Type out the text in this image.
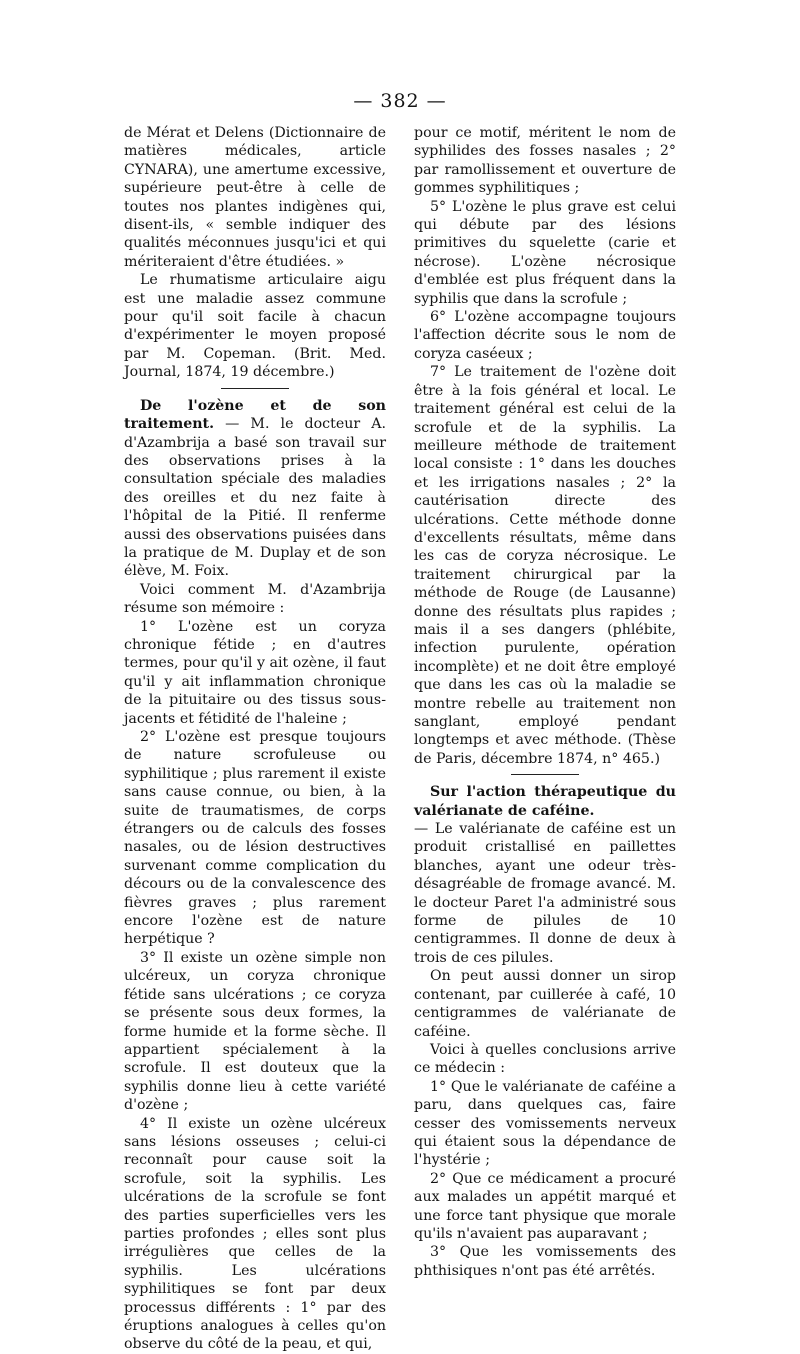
— 382 —

de Mérat et Delens (Dictionnaire de matières médicales, article CYNARA), une amertume excessive, supérieure peut-être à celle de toutes nos plantes indigènes qui, disent-ils, « semble indiquer des qualités méconnues jusqu'ici et qui mériteraient d'être étudiées. »

Le rhumatisme articulaire aigu est une maladie assez commune pour qu'il soit facile à chacun d'expérimenter le moyen proposé par M. Copeman. (Brit. Med. Journal, 1874, 19 décembre.)

De l'ozène et de son traitement. — M. le docteur A. d'Azambrija a basé son travail sur des observations prises à la consultation spéciale des maladies des oreilles et du nez faite à l'hôpital de la Pitié. Il renferme aussi des observations puisées dans la pratique de M. Duplay et de son élève, M. Foix.

Voici comment M. d'Azambrija résume son mémoire :

1° L'ozène est un coryza chronique fétide ; en d'autres termes, pour qu'il y ait ozène, il faut qu'il y ait inflammation chronique de la pituitaire ou des tissus sous-jacents et fétidité de l'haleine ;

2° L'ozène est presque toujours de nature scrofuleuse ou syphilitique ; plus rarement il existe sans cause connue, ou bien, à la suite de traumatismes, de corps étrangers ou de calculs des fosses nasales, ou de lésion destructives survenant comme complication du décours ou de la convalescence des fièvres graves ; plus rarement encore l'ozène est de nature herpétique ?

3° Il existe un ozène simple non ulcéreux, un coryza chronique fétide sans ulcérations ; ce coryza se présente sous deux formes, la forme humide et la forme sèche. Il appartient spécialement à la scrofule. Il est douteux que la syphilis donne lieu à cette variété d'ozène ;

4° Il existe un ozène ulcéreux sans lésions osseuses ; celui-ci reconnaît pour cause soit la scrofule, soit la syphilis. Les ulcérations de la scrofule se font des parties superficielles vers les parties profondes ; elles sont plus irrégulières que celles de la syphilis. Les ulcérations syphilitiques se font par deux processus différents : 1° par des éruptions analogues à celles qu'on observe du côté de la peau, et qui,

pour ce motif, méritent le nom de syphilides des fosses nasales ; 2° par ramollissement et ouverture de gommes syphilitiques ;

5° L'ozène le plus grave est celui qui débute par des lésions primitives du squelette (carie et nécrose). L'ozène nécrosique d'emblée est plus fréquent dans la syphilis que dans la scrofule ;

6° L'ozène accompagne toujours l'affection décrite sous le nom de coryza caséeux ;

7° Le traitement de l'ozène doit être à la fois général et local. Le traitement général est celui de la scrofule et de la syphilis. La meilleure méthode de traitement local consiste : 1° dans les douches et les irrigations nasales ; 2° la cautérisation directe des ulcérations. Cette méthode donne d'excellents résultats, même dans les cas de coryza nécrosique. Le traitement chirurgical par la méthode de Rouge (de Lausanne) donne des résultats plus rapides ; mais il a ses dangers (phlébite, infection purulente, opération incomplète) et ne doit être employé que dans les cas où la maladie se montre rebelle au traitement non sanglant, employé pendant longtemps et avec méthode. (Thèse de Paris, décembre 1874, n° 465.)

Sur l'action thérapeutique du valérianate de caféine.

— Le valérianate de caféine est un produit cristallisé en paillettes blanches, ayant une odeur très-désagréable de fromage avancé. M. le docteur Paret l'a administré sous forme de pilules de 10 centigrammes. Il donne de deux à trois de ces pilules.

On peut aussi donner un sirop contenant, par cuillerée à café, 10 centigrammes de valérianate de caféine.

Voici à quelles conclusions arrive ce médecin :

1° Que le valérianate de caféine a paru, dans quelques cas, faire cesser des vomissements nerveux qui étaient sous la dépendance de l'hystérie ;

2° Que ce médicament a procuré aux malades un appétit marqué et une force tant physique que morale qu'ils n'avaient pas auparavant ;

3° Que les vomissements des phthisiques n'ont pas été arrêtés.
